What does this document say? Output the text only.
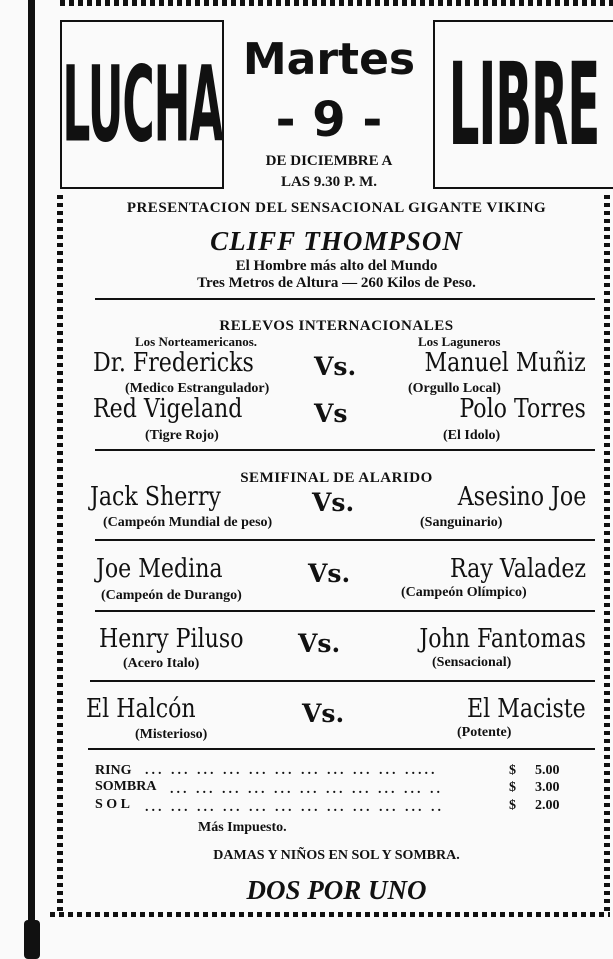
LUCHA	LIBRE
Martes
- 9 -
DE DICIEMBRE A
LAS 9.30 P. M.
PRESENTACION DEL SENSACIONAL GIGANTE VIKING
CLIFF THOMPSON
El Hombre más alto del Mundo
Tres Metros de Altura — 260 Kilos de Peso.
RELEVOS INTERNACIONALES
Los Norteamericanos.	Los Laguneros
Dr. Fredericks	Vs.	Manuel Muñiz
(Medico Estrangulador)	(Orgullo Local)
Red Vigeland	Vs	Polo Torres
(Tigre Rojo)	(El Idolo)
SEMIFINAL DE ALARIDO
Jack Sherry	Vs.	Asesino Joe
(Campeón Mundial de peso)	(Sanguinario)
Joe Medina	Vs.	Ray Valadez
(Campeón de Durango)	(Campeón Olímpico)
Henry Piluso	Vs.	John Fantomas
(Acero Italo)	(Sensacional)
El Halcón	Vs.	El Maciste
(Misterioso)	(Potente)
RING ... ... ... ... ... ... ... ... ... ... .....	$ 5.00
SOMBRA ... ... ... ... ... ... ... ... ... ... ..	$ 3.00
S O L ... ... ... ... ... ... ... ... ... ... ... ..	$ 2.00
Más Impuesto.
DAMAS Y NIÑOS EN SOL Y SOMBRA.
DOS POR UNO
